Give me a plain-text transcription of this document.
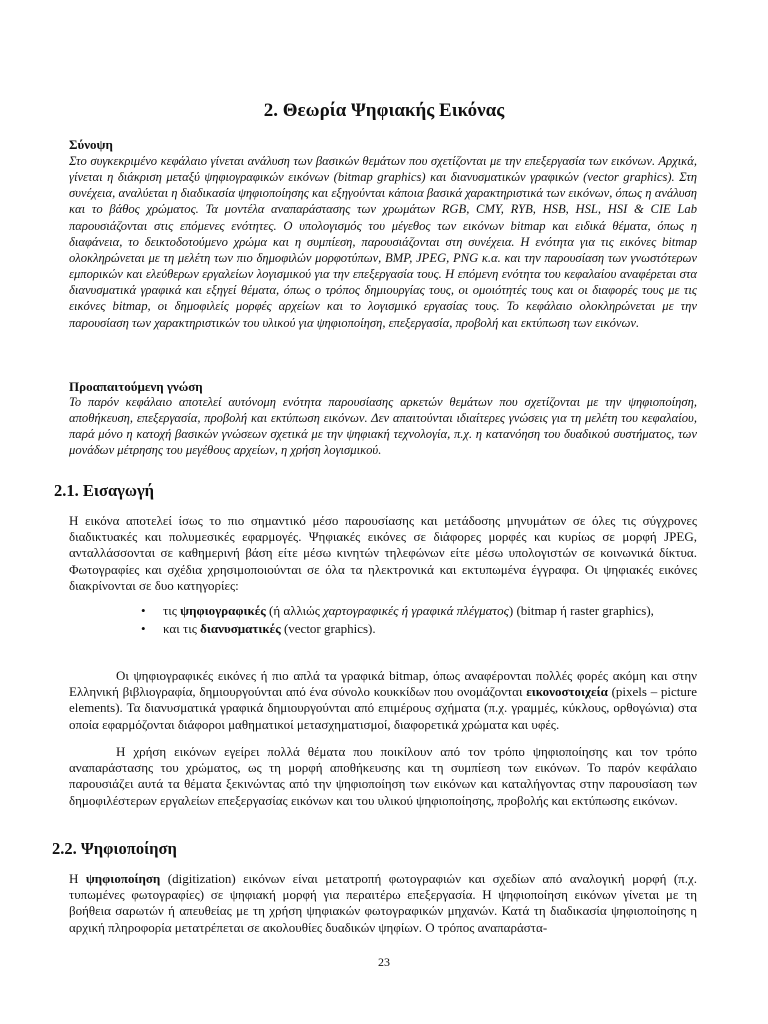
2. Θεωρία Ψηφιακής Εικόνας

Σύνοψη

Στο συγκεκριμένο κεφάλαιο γίνεται ανάλυση των βασικών θεμάτων που σχετίζονται με την επεξεργασία των εικόνων. Αρχικά, γίνεται η διάκριση μεταξύ ψηφιογραφικών εικόνων (bitmap graphics) και διανυσματικών γραφικών (vector graphics). Στη συνέχεια, αναλύεται η διαδικασία ψηφιοποίησης και εξηγούνται κάποια βασικά χαρακτηριστικά των εικόνων, όπως η ανάλυση και το βάθος χρώματος. Τα μοντέλα αναπαράστασης των χρωμάτων RGB, CMY, RYB, HSB, HSL, HSI & CIE Lab παρουσιάζονται στις επόμενες ενότητες. Ο υπολογισμός του μέγεθος των εικόνων bitmap και ειδικά θέματα, όπως η διαφάνεια, το δεικτοδοτούμενο χρώμα και η συμπίεση, παρουσιάζονται στη συνέχεια. Η ενότητα για τις εικόνες bitmap ολοκληρώνεται με τη μελέτη των πιο δημοφιλών μορφοτύπων, BMP, JPEG, PNG κ.α. και την παρουσίαση των γνωστότερων εμπορικών και ελεύθερων εργαλείων λογισμικού για την επεξεργασία τους. Η επόμενη ενότητα του κεφαλαίου αναφέρεται στα διανυσματικά γραφικά και εξηγεί θέματα, όπως ο τρόπος δημιουργίας τους, οι ομοιότητές τους και οι διαφορές τους με τις εικόνες bitmap, οι δημοφιλείς μορφές αρχείων και το λογισμικό εργασίας τους. Το κεφάλαιο ολοκληρώνεται με την παρουσίαση των χαρακτηριστικών του υλικού για ψηφιοποίηση, επεξεργασία, προβολή και εκτύπωση των εικόνων.

Προαπαιτούμενη γνώση

Το παρόν κεφάλαιο αποτελεί αυτόνομη ενότητα παρουσίασης αρκετών θεμάτων που σχετίζονται με την ψηφιοποίηση, αποθήκευση, επεξεργασία, προβολή και εκτύπωση εικόνων. Δεν απαιτούνται ιδιαίτερες γνώσεις για τη μελέτη του κεφαλαίου, παρά μόνο η κατοχή βασικών γνώσεων σχετικά με την ψηφιακή τεχνολογία, π.χ. η κατανόηση του δυαδικού συστήματος, των μονάδων μέτρησης του μεγέθους αρχείων, η χρήση λογισμικού.

2.1. Εισαγωγή

Η εικόνα αποτελεί ίσως το πιο σημαντικό μέσο παρουσίασης και μετάδοσης μηνυμάτων σε όλες τις σύγχρονες διαδικτυακές και πολυμεσικές εφαρμογές. Ψηφιακές εικόνες σε διάφορες μορφές και κυρίως σε μορφή JPEG, ανταλλάσσονται σε καθημερινή βάση είτε μέσω κινητών τηλεφώνων είτε μέσω υπολογιστών σε κοινωνικά δίκτυα. Φωτογραφίες και σχέδια χρησιμοποιούνται σε όλα τα ηλεκτρονικά και εκτυπωμένα έγγραφα. Οι ψηφιακές εικόνες διακρίνονται σε δυο κατηγορίες:

• τις ψηφιογραφικές (ή αλλιώς χαρτογραφικές ή γραφικά πλέγματος) (bitmap ή raster graphics),
• και τις διανυσματικές (vector graphics).

Οι ψηφιογραφικές εικόνες ή πιο απλά τα γραφικά bitmap, όπως αναφέρονται πολλές φορές ακόμη και στην Ελληνική βιβλιογραφία, δημιουργούνται από ένα σύνολο κουκκίδων που ονομάζονται εικονοστοιχεία (pixels – picture elements). Τα διανυσματικά γραφικά δημιουργούνται από επιμέρους σχήματα (π.χ. γραμμές, κύκλους, ορθογώνια) στα οποία εφαρμόζονται διάφοροι μαθηματικοί μετασχηματισμοί, διαφορετικά χρώματα και υφές.

Η χρήση εικόνων εγείρει πολλά θέματα που ποικίλουν από τον τρόπο ψηφιοποίησης και τον τρόπο αναπαράστασης του χρώματος, ως τη μορφή αποθήκευσης και τη συμπίεση των εικόνων. Το παρόν κεφάλαιο παρουσιάζει αυτά τα θέματα ξεκινώντας από την ψηφιοποίηση των εικόνων και καταλήγοντας στην παρουσίαση των δημοφιλέστερων εργαλείων επεξεργασίας εικόνων και του υλικού ψηφιοποίησης, προβολής και εκτύπωσης εικόνων.

2.2. Ψηφιοποίηση

Η ψηφιοποίηση (digitization) εικόνων είναι μετατροπή φωτογραφιών και σχεδίων από αναλογική μορφή (π.χ. τυπωμένες φωτογραφίες) σε ψηφιακή μορφή για περαιτέρω επεξεργασία. Η ψηφιοποίηση εικόνων γίνεται με τη βοήθεια σαρωτών ή απευθείας με τη χρήση ψηφιακών φωτογραφικών μηχανών. Κατά τη διαδικασία ψηφιοποίησης η αρχική πληροφορία μετατρέπεται σε ακολουθίες δυαδικών ψηφίων. Ο τρόπος αναπαράστα-

23
